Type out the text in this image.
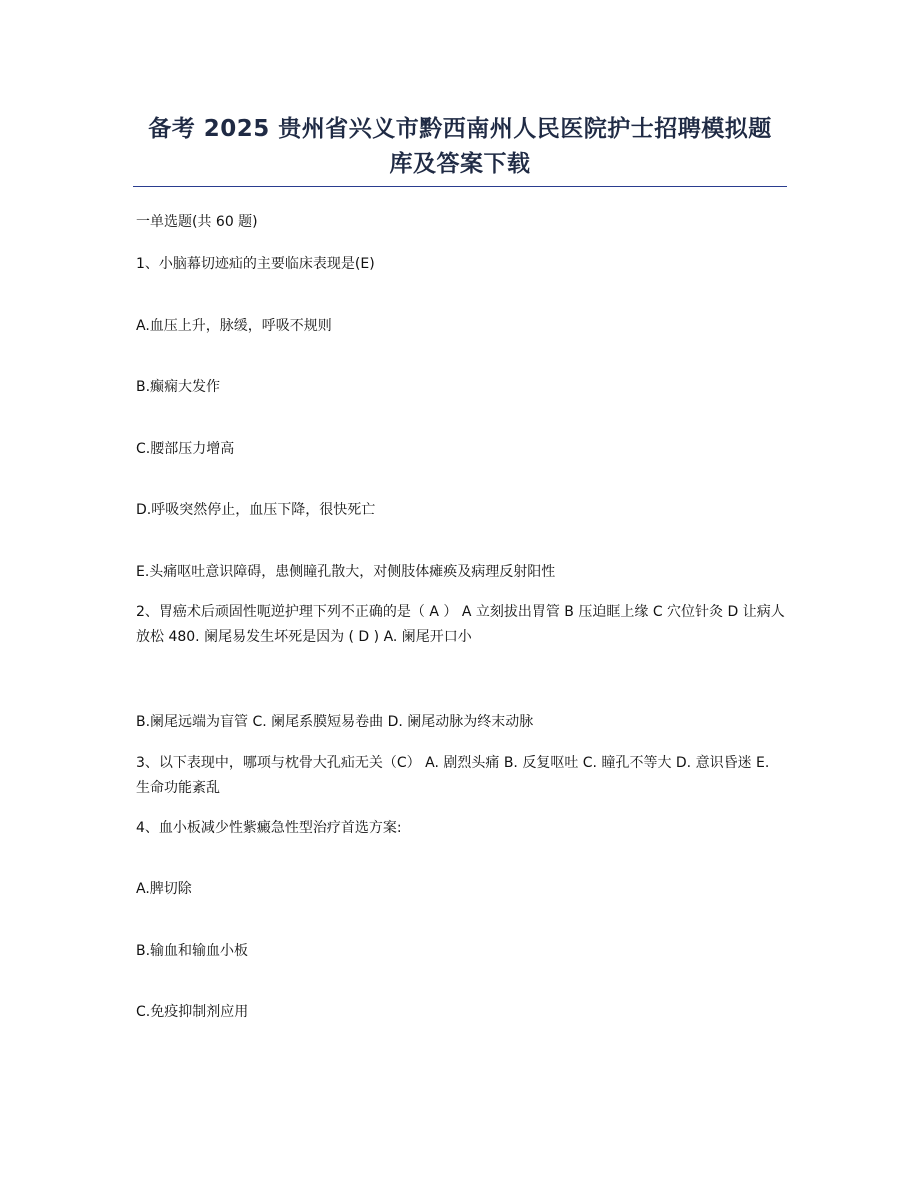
备考 2025 贵州省兴义市黔西南州人民医院护士招聘模拟题
库及答案下载
一单选题(共 60 题)
1、小脑幕切迹疝的主要临床表现是(E)
A.血压上升，脉缓，呼吸不规则
B.癫痫大发作
C.腰部压力增高
D.呼吸突然停止，血压下降，很快死亡
E.头痛呕吐意识障碍，患侧瞳孔散大，对侧肢体瘫痪及病理反射阳性
2、胃癌术后顽固性呃逆护理下列不正确的是（ A ） A 立刻拔出胃管 B 压迫眶上缘 C 穴位针灸 D 让病人放松 480. 阑尾易发生坏死是因为 ( D ) A. 阑尾开口小
B.阑尾远端为盲管 C. 阑尾系膜短易卷曲 D. 阑尾动脉为终末动脉
3、以下表现中，哪项与枕骨大孔疝无关（C） A. 剧烈头痛 B. 反复呕吐 C. 瞳孔不等大 D. 意识昏迷 E. 生命功能紊乱
4、血小板减少性紫癜急性型治疗首选方案:
A.脾切除
B.输血和输血小板
C.免疫抑制剂应用
